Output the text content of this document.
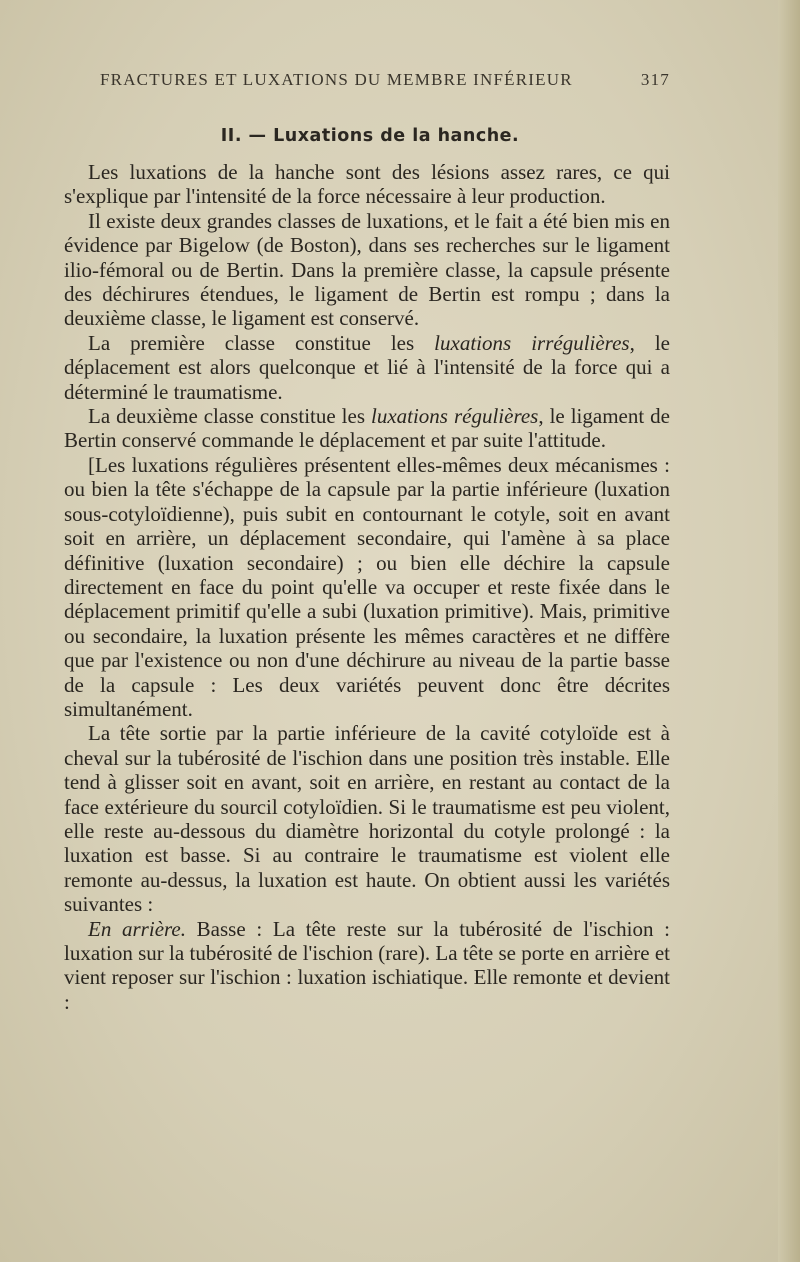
FRACTURES ET LUXATIONS DU MEMBRE INFÉRIEUR	317
II. — Luxations de la hanche.

Les luxations de la hanche sont des lésions assez rares, ce qui s'explique par l'intensité de la force nécessaire à leur production.

Il existe deux grandes classes de luxations, et le fait a été bien mis en évidence par Bigelow (de Boston), dans ses recherches sur le ligament ilio-fémoral ou de Bertin. Dans la première classe, la capsule présente des déchirures étendues, le ligament de Bertin est rompu ; dans la deuxième classe, le ligament est conservé.

La première classe constitue les luxations irrégulières, le déplacement est alors quelconque et lié à l'intensité de la force qui a déterminé le traumatisme.

La deuxième classe constitue les luxations régulières, le ligament de Bertin conservé commande le déplacement et par suite l'attitude.

[Les luxations régulières présentent elles-mêmes deux mécanismes : ou bien la tête s'échappe de la capsule par la partie inférieure (luxation sous-cotyloïdienne), puis subit en contournant le cotyle, soit en avant soit en arrière, un déplacement secondaire, qui l'amène à sa place définitive (luxation secondaire) ; ou bien elle déchire la capsule directement en face du point qu'elle va occuper et reste fixée dans le déplacement primitif qu'elle a subi (luxation primitive). Mais, primitive ou secondaire, la luxation présente les mêmes caractères et ne diffère que par l'existence ou non d'une déchirure au niveau de la partie basse de la capsule : Les deux variétés peuvent donc être décrites simultanément.

La tête sortie par la partie inférieure de la cavité cotyloïde est à cheval sur la tubérosité de l'ischion dans une position très instable. Elle tend à glisser soit en avant, soit en arrière, en restant au contact de la face extérieure du sourcil cotyloïdien. Si le traumatisme est peu violent, elle reste au-dessous du diamètre horizontal du cotyle prolongé : la luxation est basse. Si au contraire le traumatisme est violent elle remonte au-dessus, la luxation est haute. On obtient aussi les variétés suivantes :

En arrière. Basse : La tête reste sur la tubérosité de l'ischion : luxation sur la tubérosité de l'ischion (rare). La tête se porte en arrière et vient reposer sur l'ischion : luxation ischiatique. Elle remonte et devient :
